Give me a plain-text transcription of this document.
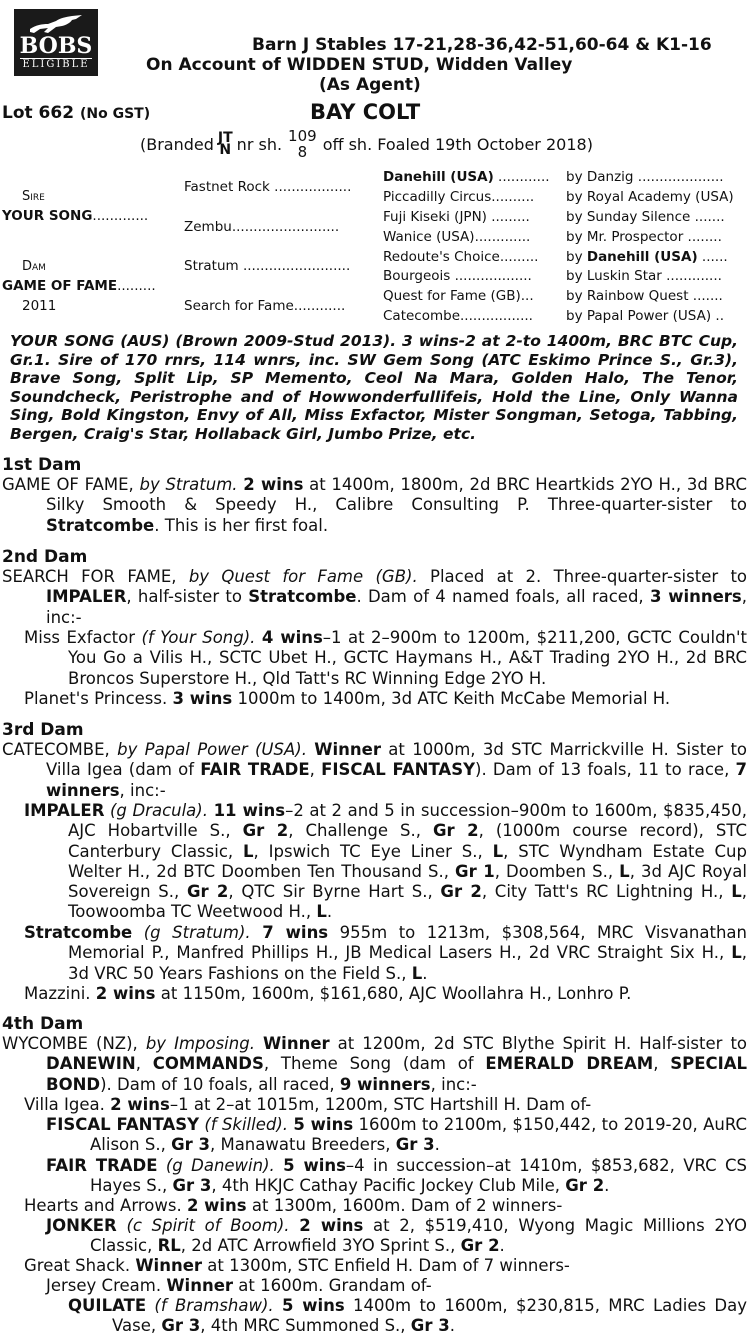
BOBS
ELIGIBLE
Barn J Stables 17-21,28-36,42-51,60-64 & K1-16
On Account of WIDDEN STUD, Widden Valley
(As Agent)
Lot 662 (No GST)	BAY COLT
(Branded JT
N nr sh. 109
8 off sh. Foaled 19th October 2018)
Sire
YOUR SONG.............
Dam
GAME OF FAME.........
2011
Fastnet Rock ..................
Zembu.........................
Stratum .........................
Search for Fame............
Danehill (USA) ............
Piccadilly Circus..........
Fuji Kiseki (JPN) .........
Wanice (USA).............
Redoute's Choice.........
Bourgeois ..................
Quest for Fame (GB)...
Catecombe.................
by Danzig ....................
by Royal Academy (USA)
by Sunday Silence .......
by Mr. Prospector ........
by Danehill (USA) ......
by Luskin Star .............
by Rainbow Quest .......
by Papal Power (USA) ..
YOUR SONG (AUS) (Brown 2009-Stud 2013). 3 wins-2 at 2-to 1400m, BRC BTC Cup, Gr.1. Sire of 170 rnrs, 114 wnrs, inc. SW Gem Song (ATC Eskimo Prince S., Gr.3), Brave Song, Split Lip, SP Memento, Ceol Na Mara, Golden Halo, The Tenor, Soundcheck, Peristrophe and of Howwonderfullifeis, Hold the Line, Only Wanna Sing, Bold Kingston, Envy of All, Miss Exfactor, Mister Songman, Setoga, Tabbing, Bergen, Craig's Star, Hollaback Girl, Jumbo Prize, etc.
1st Dam
GAME OF FAME, by Stratum. 2 wins at 1400m, 1800m, 2d BRC Heartkids 2YO H., 3d BRC Silky Smooth & Speedy H., Calibre Consulting P. Three-quarter-sister to Stratcombe. This is her first foal.
2nd Dam
SEARCH FOR FAME, by Quest for Fame (GB). Placed at 2. Three-quarter-sister to IMPALER, half-sister to Stratcombe. Dam of 4 named foals, all raced, 3 winners, inc:-
Miss Exfactor (f Your Song). 4 wins–1 at 2–900m to 1200m, $211,200, GCTC Couldn't You Go a Vilis H., SCTC Ubet H., GCTC Haymans H., A&T Trading 2YO H., 2d BRC Broncos Superstore H., Qld Tatt's RC Winning Edge 2YO H.
Planet's Princess. 3 wins 1000m to 1400m, 3d ATC Keith McCabe Memorial H.
3rd Dam
CATECOMBE, by Papal Power (USA). Winner at 1000m, 3d STC Marrickville H. Sister to Villa Igea (dam of FAIR TRADE, FISCAL FANTASY). Dam of 13 foals, 11 to race, 7 winners, inc:-
IMPALER (g Dracula). 11 wins–2 at 2 and 5 in succession–900m to 1600m, $835,450, AJC Hobartville S., Gr 2, Challenge S., Gr 2, (1000m course record), STC Canterbury Classic, L, Ipswich TC Eye Liner S., L, STC Wyndham Estate Cup Welter H., 2d BTC Doomben Ten Thousand S., Gr 1, Doomben S., L, 3d AJC Royal Sovereign S., Gr 2, QTC Sir Byrne Hart S., Gr 2, City Tatt's RC Lightning H., L, Toowoomba TC Weetwood H., L.
Stratcombe (g Stratum). 7 wins 955m to 1213m, $308,564, MRC Visvanathan Memorial P., Manfred Phillips H., JB Medical Lasers H., 2d VRC Straight Six H., L, 3d VRC 50 Years Fashions on the Field S., L.
Mazzini. 2 wins at 1150m, 1600m, $161,680, AJC Woollahra H., Lonhro P.
4th Dam
WYCOMBE (NZ), by Imposing. Winner at 1200m, 2d STC Blythe Spirit H. Half-sister to DANEWIN, COMMANDS, Theme Song (dam of EMERALD DREAM, SPECIAL BOND). Dam of 10 foals, all raced, 9 winners, inc:-
Villa Igea. 2 wins–1 at 2–at 1015m, 1200m, STC Hartshill H. Dam of-
FISCAL FANTASY (f Skilled). 5 wins 1600m to 2100m, $150,442, to 2019-20, AuRC Alison S., Gr 3, Manawatu Breeders, Gr 3.
FAIR TRADE (g Danewin). 5 wins–4 in succession–at 1410m, $853,682, VRC CS Hayes S., Gr 3, 4th HKJC Cathay Pacific Jockey Club Mile, Gr 2.
Hearts and Arrows. 2 wins at 1300m, 1600m. Dam of 2 winners-
JONKER (c Spirit of Boom). 2 wins at 2, $519,410, Wyong Magic Millions 2YO Classic, RL, 2d ATC Arrowfield 3YO Sprint S., Gr 2.
Great Shack. Winner at 1300m, STC Enfield H. Dam of 7 winners-
Jersey Cream. Winner at 1600m. Grandam of-
QUILATE (f Bramshaw). 5 wins 1400m to 1600m, $230,815, MRC Ladies Day Vase, Gr 3, 4th MRC Summoned S., Gr 3.
